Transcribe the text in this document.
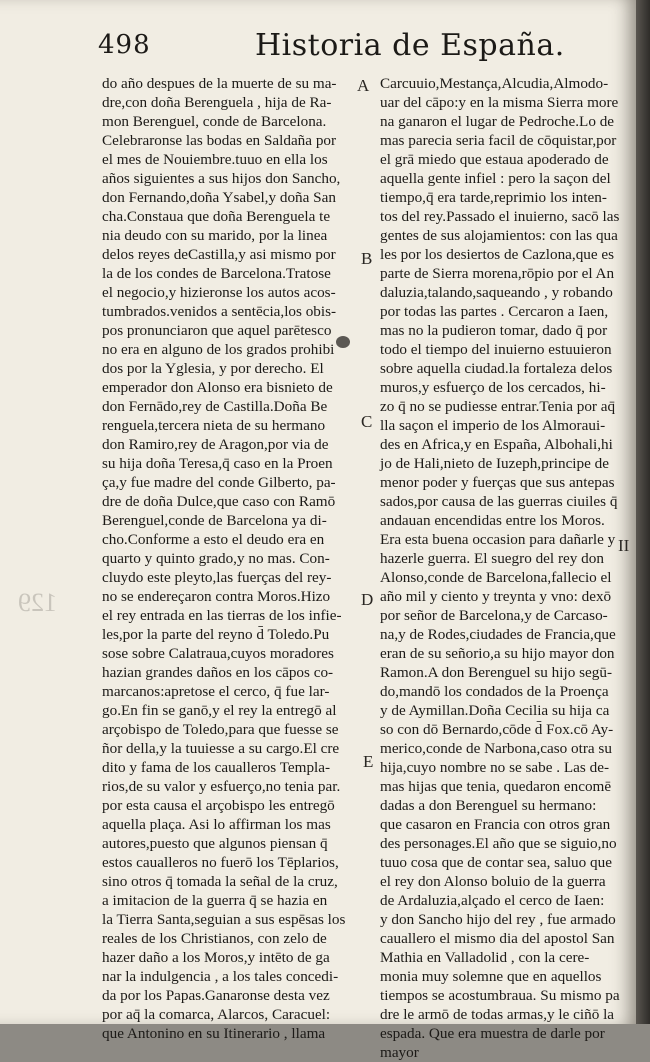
498	Historia de España.
do año despues de la muerte de su ma-
dre,con doña Berenguela , hija de Ra-
mon Berenguel, conde de Barcelona.
Celebraronse las bodas en Saldaña por
el mes de Nouiembre.tuuo en ella los
años siguientes a sus hijos don Sancho,
don Fernando,doña Ysabel,y doña San
cha.Constaua que doña Berenguela te
nia deudo con su marido, por la linea
delos reyes deCastilla,y asi mismo por
la de los condes de Barcelona.Tratose
el negocio,y hizieronse los autos acos-
tumbrados.venidos a sentēcia,los obis-
pos pronunciaron que aquel parētesco
no era en alguno de los grados prohibi
dos por la Yglesia, y por derecho. El
emperador don Alonso era bisnieto de
don Fernādo,rey de Castilla.Doña Be
renguela,tercera nieta de su hermano
don Ramiro,rey de Aragon,por via de
su hija doña Teresa,q̄ caso en la Proen
ça,y fue madre del conde Gilberto, pa-
dre de doña Dulce,que caso con Ramō
Berenguel,conde de Barcelona ya di-
cho.Conforme a esto el deudo era en
quarto y quinto grado,y no mas. Con-
cluydo este pleyto,las fuerças del rey-
no se endereçaron contra Moros.Hizo
el rey entrada en las tierras de los infie-
les,por la parte del reyno d̄ Toledo.Pu
sose sobre Calatraua,cuyos moradores
hazian grandes daños en los cāpos co-
marcanos:apretose el cerco, q̄ fue lar-
go.En fin se ganō,y el rey la entregō al
arçobispo de Toledo,para que fuesse se
ñor della,y la tuuiesse a su cargo.El cre
dito y fama de los caualleros Templa-
rios,de su valor y esfuerço,no tenia par.
por esta causa el arçobispo les entregō
aquella plaça. Asi lo affirman los mas
autores,puesto que algunos piensan q̄
estos caualleros no fuerō los Tēplarios,
sino otros q̄ tomada la señal de la cruz,
a imitacion de la guerra q̄ se hazia en
la Tierra Santa,seguian a sus espēsas los
reales de los Christianos, con zelo de
hazer daño a los Moros,y intēto de ga
nar la indulgencia , a los tales concedi-
da por los Papas.Ganaronse desta vez
por aq̄ la comarca, Alarcos, Caracuel:
que Antonino en su Itinerario , llama
Carcuuio,Mestança,Alcudia,Almodo-
uar del cāpo:y en la misma Sierra more
na ganaron el lugar de Pedroche.Lo de
mas parecia seria facil de cōquistar,por
el grā miedo que estaua apoderado de
aquella gente infiel : pero la saçon del
tiempo,q̄ era tarde,reprimio los inten-
tos del rey.Passado el inuierno, sacō las
gentes de sus alojamientos: con las qua
les por los desiertos de Cazlona,que es
parte de Sierra morena,rōpio por el An
daluzia,talando,saqueando , y robando
por todas las partes . Cercaron a Iaen,
mas no la pudieron tomar, dado q̄ por
todo el tiempo del inuierno estuuieron
sobre aquella ciudad.la fortaleza delos
muros,y esfuerço de los cercados, hi-
zo q̄ no se pudiesse entrar.Tenia por aq̄
lla saçon el imperio de los Almoraui-
des en Africa,y en España, Albohali,hi
jo de Hali,nieto de Iuzeph,principe de
menor poder y fuerças que sus antepas
sados,por causa de las guerras ciuiles q̄
andauan encendidas entre los Moros.
Era esta buena occasion para dañarle y
hazerle guerra. El suegro del rey don
Alonso,conde de Barcelona,fallecio el
año mil y ciento y treynta y vno: dexō
por señor de Barcelona,y de Carcaso-
na,y de Rodes,ciudades de Francia,que
eran de su señorio,a su hijo mayor don
Ramon.A don Berenguel su hijo segū-
do,mandō los condados de la Proença
y de Aymillan.Doña Cecilia su hija ca
so con dō Bernardo,cōde d̄ Fox.cō Ay-
merico,conde de Narbona,caso otra su
hija,cuyo nombre no se sabe . Las de-
mas hijas que tenia, quedaron encomē
dadas a don Berenguel su hermano:
que casaron en Francia con otros gran
des personages.El año que se siguio,no
tuuo cosa que de contar sea, saluo que
el rey don Alonso boluio de la guerra
de Ardaluzia,alçado el cerco de Iaen:
y don Sancho hijo del rey , fue armado
cauallero el mismo dia del apostol San
Mathia en Valladolid , con la cere-
monia muy solemne que en aquellos
tiempos se acostumbraua. Su mismo pa
dre le armō de todas armas,y le ciñō la
espada. Que era muestra de darle por
mayor
A
B
C
D
E
129
II
